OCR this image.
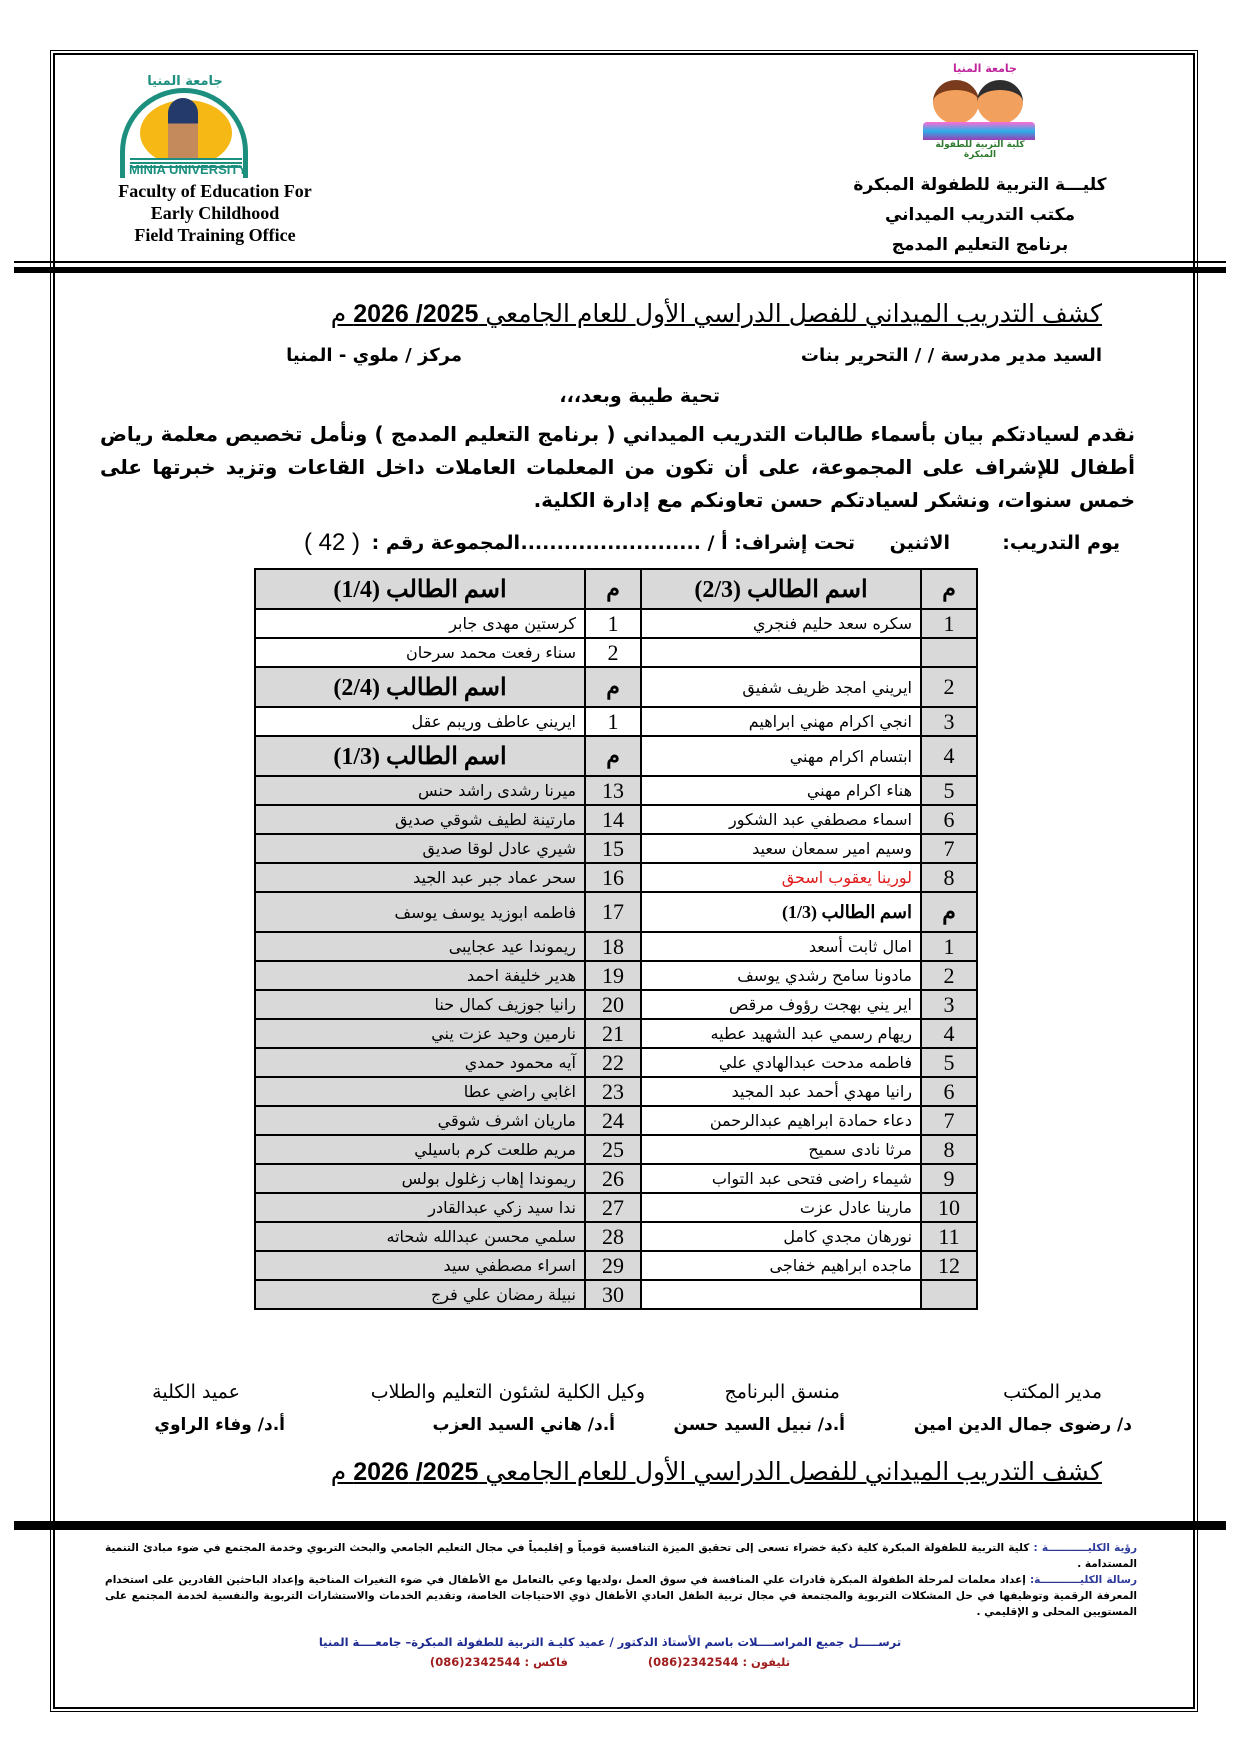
جامعة المنيا
MINIA UNIVERSITY
Faculty of Education For
Early Childhood
Field Training Office
جامعة المنيا
كلية التربية للطفولة المبكرة
كليـــة التربية للطفولة المبكرة
مكتب التدريب الميداني
برنامج التعليم المدمج
كشف التدريب الميداني للفصل الدراسي الأول للعام الجامعي 2025/ 2026 م
السيد مدير مدرسة / / التحرير بنات
مركز / ملوي - المنيا
تحية طيبة وبعد،،،
نقدم لسيادتكم بيان بأسماء طالبات التدريب الميداني ( برنامج التعليم المدمج ) ونأمل تخصيص معلمة رياض أطفال للإشراف على المجموعة، على أن تكون من المعلمات العاملات داخل القاعات وتزيد خبرتها على خمس سنوات، ونشكر لسيادتكم حسن تعاونكم مع إدارة الكلية.
يوم التدريب:
الاثنين
تحت إشراف: أ / ..........................
المجموعة رقم :
( 42 )
م	اسم الطالب (2/3)	م	اسم الطالب (1/4)
1	سكره سعد حليم فنجري	1	كرستين مهدى جابر
		2	سناء رفعت محمد سرحان
2	ايريني امجد ظريف شفيق	م	اسم الطالب (2/4)
3	انجي اكرام مهني ابراهيم	1	ايريني عاطف وريبم عقل
4	ابتسام اكرام مهني	م	اسم الطالب (1/3)
5	هناء اكرام مهني	13	ميرنا رشدى راشد حنس
6	اسماء مصطفي عبد الشكور	14	مارتينة لطيف شوقي صديق
7	وسيم امير سمعان سعيد	15	شيري عادل لوقا صديق
8	لورينا يعقوب اسحق	16	سحر عماد جبر عبد الجيد
م	اسم الطالب (1/3)	17	فاطمه ابوزيد يوسف يوسف
1	امال ثابت أسعد	18	ريموندا عيد عجايبى
2	مادونا سامح رشدي يوسف	19	هدير خليفة احمد
3	اير يني بهجت رؤوف مرقص	20	رانيا جوزيف كمال حنا
4	ريهام رسمي عبد الشهيد عطيه	21	نارمين وحيد عزت يني
5	فاطمه مدحت عبدالهادي علي	22	آيه محمود حمدي
6	رانيا مهدي أحمد عبد المجيد	23	اغابي راضي عطا
7	دعاء حمادة ابراهيم عبدالرحمن	24	ماريان اشرف شوقي
8	مرثا نادى سميح	25	مريم طلعت كرم باسيلي
9	شيماء راضى فتحى عبد التواب	26	ريموندا إهاب زغلول بولس
10	مارينا عادل عزت	27	ندا سيد زكي عبدالقادر
11	نورهان مجدي كامل	28	سلمي محسن عبدالله شحاته
12	ماجده ابراهيم خفاجى	29	اسراء مصطفي سيد
		30	نبيلة رمضان علي فرج
مدير المكتب
منسق البرنامج
وكيل الكلية لشئون التعليم والطلاب
عميد الكلية
د/ رضوى جمال الدين امين
أ.د/ نبيل السيد حسن
أ.د/ هاني السيد العزب
أ.د/ وفاء الراوي
كشف التدريب الميداني للفصل الدراسي الأول للعام الجامعي 2025/ 2026 م
رؤية الكليـــــــــــة : كلية التربية للطفولة المبكرة كلية ذكية خضراء تسعى إلى تحقيق الميزة التنافسية قومياً و إقليمياً في مجال التعليم الجامعي والبحث التربوي وخدمة المجتمع في ضوء مبادئ التنمية المستدامة .
رسالة الكليـــــــــــة: إعداد معلمات لمرحلة الطفولة المبكرة قادرات علي المنافسة في سوق العمل ،ولديها وعي بالتعامل مع الأطفال في ضوء التغيرات المناخية وإعداد الباحثين القادرين على استخدام المعرفة الرقمية وتوظيفها في حل المشكلات التربوية والمجتمعة في مجال تربية الطفل العادي الأطفال ذوي الاحتياجات الخاصة، وتقديم الخدمات والاستشارات التربوية والنفسية لخدمة المجتمع على المستويين المحلى و الإقليمي .
ترســـــل جميع المراســــلات باسم الأستاذ الدكتور / عميد كليـة التربية للطفولة المبكرة– جامعــــة المنيا
تليفون : 2342544(086)فاكس : 2342544(086)
